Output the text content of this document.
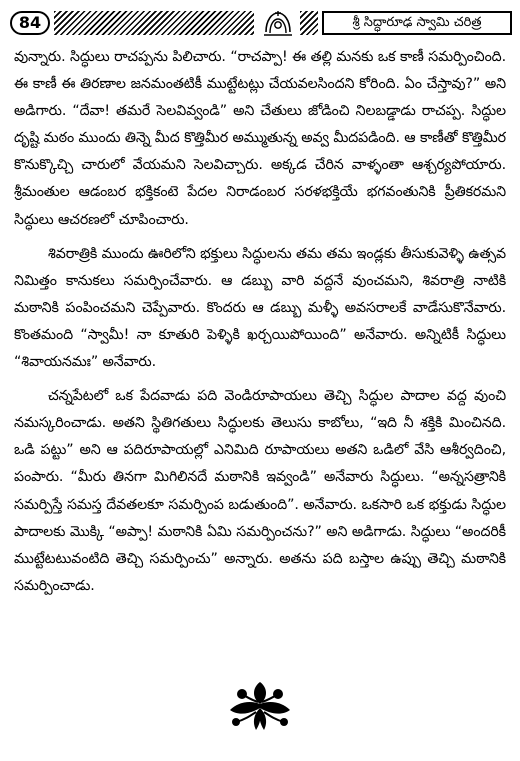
84	శ్రీ సిద్ధారూఢ స్వామి చరిత్ర

వున్నారు. సిద్ధులు రాచప్పను పిలిచారు. “రాచప్పా! ఈ తల్లి మనకు ఒక కాణీ సమర్పించింది. ఈ కాణీ ఈ తిరణాల జనమంతటికీ ముట్టేటట్లు చేయవలసిందని కోరింది. ఏం చేస్తావు?” అని అడిగారు. “దేవా! తమరే సెలవివ్వండి” అని చేతులు జోడించి నిలబడ్డాడు రాచప్ప. సిద్ధుల దృష్టి మఠం ముందు తిన్నె మీద కొత్తిమీర అమ్ముతున్న అవ్వ మీదపడింది. ఆ కాణీతో కొత్తిమీర కొనుక్కొచ్చి చారులో వేయమని సెలవిచ్చారు. అక్కడ చేరిన వాళ్ళంతా ఆశ్చర్యపోయారు. శ్రీమంతుల ఆడంబర భక్తికంటె పేదల నిరాడంబర సరళభక్తియే భగవంతునికి ప్రీతికరమని సిద్ధులు ఆచరణలో చూపించారు.

శివరాత్రికి ముందు ఊరిలోని భక్తులు సిద్ధులను తమ తమ ఇండ్లకు తీసుకువెళ్ళి ఉత్సవ నిమిత్తం కానుకలు సమర్పించేవారు. ఆ డబ్బు వారి వద్దనే వుంచమని, శివరాత్రి నాటికి మఠానికి పంపించమని చెప్పేవారు. కొందరు ఆ డబ్బు మళ్ళీ అవసరాలకే వాడేసుకొనేవారు. కొంతమంది “స్వామీ! నా కూతురి పెళ్ళికి ఖర్చయిపోయింది” అనేవారు. అన్నిటికీ సిద్ధులు “శివాయనమః” అనేవారు.

చన్నపేటలో ఒక పేదవాడు పది వెండిరూపాయలు తెచ్చి సిద్ధుల పాదాల వద్ద వుంచి నమస్కరించాడు. అతని స్థితిగతులు సిద్ధులకు తెలుసు కాబోలు, “ఇది నీ శక్తికి మించినది. ఒడి పట్టు” అని ఆ పదిరూపాయల్లో ఎనిమిది రూపాయలు అతని ఒడిలో వేసి ఆశీర్వదించి, పంపారు. “మీరు తినగా మిగిలినదే మఠానికి ఇవ్వండి” అనేవారు సిద్ధులు. “అన్నసత్రానికి సమర్పిస్తే సమస్త దేవతలకూ సమర్పింప బడుతుంది”. అనేవారు. ఒకసారి ఒక భక్తుడు సిద్ధుల పాదాలకు మొక్కి “అప్పా! మఠానికి ఏమి సమర్పించను?” అని అడిగాడు. సిద్ధులు “అందరికీ ముట్టేటటువంటిది తెచ్చి సమర్పించు” అన్నారు. అతను పది బస్తాల ఉప్పు తెచ్చి మఠానికి సమర్పించాడు.
